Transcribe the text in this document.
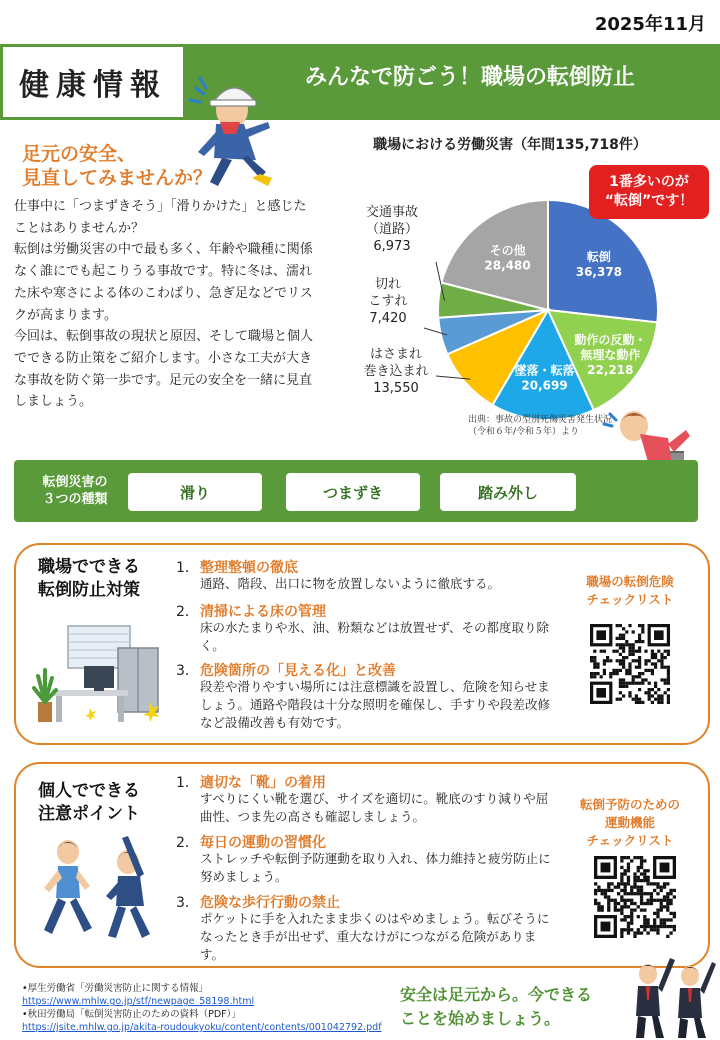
2025年11月
健康情報	みんなで防ごう！職場の転倒防止
足元の安全、
見直してみませんか？

仕事中に「つまずきそう」「滑りかけた」と感じたことはありませんか？

転倒は労働災害の中で最も多く、年齢や職種に関係なく誰にでも起こりうる事故です。特に冬は、濡れた床や寒さによる体のこわばり、急ぎ足などでリスクが高まります。

今回は、転倒事故の現状と原因、そして職場と個人でできる防止策をご紹介します。小さな工夫が大きな事故を防ぐ第一歩です。足元の安全を一緒に見直しましょう。

職場における労働災害（年間135,718件）
転倒 36,378
動作の反動・無理な動作 22,218
墜落・転落 20,699
その他 28,480
交通事故
（道路）
6,973
切れ
こすれ
7,420
はさまれ
巻き込まれ
13,550
1番多いのが
“転倒”です！
出典：事故の型別死傷災害発生状況
（令和６年/令和５年）より
転倒災害の
３つの種類	滑り	つまずき	踏み外し
職場でできる
転倒防止対策
1． 整理整頓の徹底
通路、階段、出口に物を放置しないように徹底する。
2． 清掃による床の管理
床の水たまりや氷、油、粉類などは放置せず、その都度取り除く。
3． 危険箇所の「見える化」と改善
段差や滑りやすい場所には注意標識を設置し、危険を知らせましょう。通路や階段は十分な照明を確保し、手すりや段差改修など設備改善も有効です。
職場の転倒危険
チェックリスト
個人でできる
注意ポイント
1． 適切な「靴」の着用
すべりにくい靴を選び、サイズを適切に。靴底のすり減りや屈曲性、つま先の高さも確認しましょう。
2． 毎日の運動の習慣化
ストレッチや転倒予防運動を取り入れ、体力維持と疲労防止に努めましょう。
3． 危険な歩行行動の禁止
ポケットに手を入れたまま歩くのはやめましょう。転びそうになったとき手が出せず、重大なけがにつながる危険があります。
転倒予防のための
運動機能
チェックリスト
•厚生労働省「労働災害防止に関する情報」
https://www.mhlw.go.jp/stf/newpage_58198.html
•秋田労働局「転倒災害防止のための資料（PDF）」
https://jsite.mhlw.go.jp/akita-roudoukyoku/content/contents/001042792.pdf
安全は足元から。今できる
ことを始めましょう。
